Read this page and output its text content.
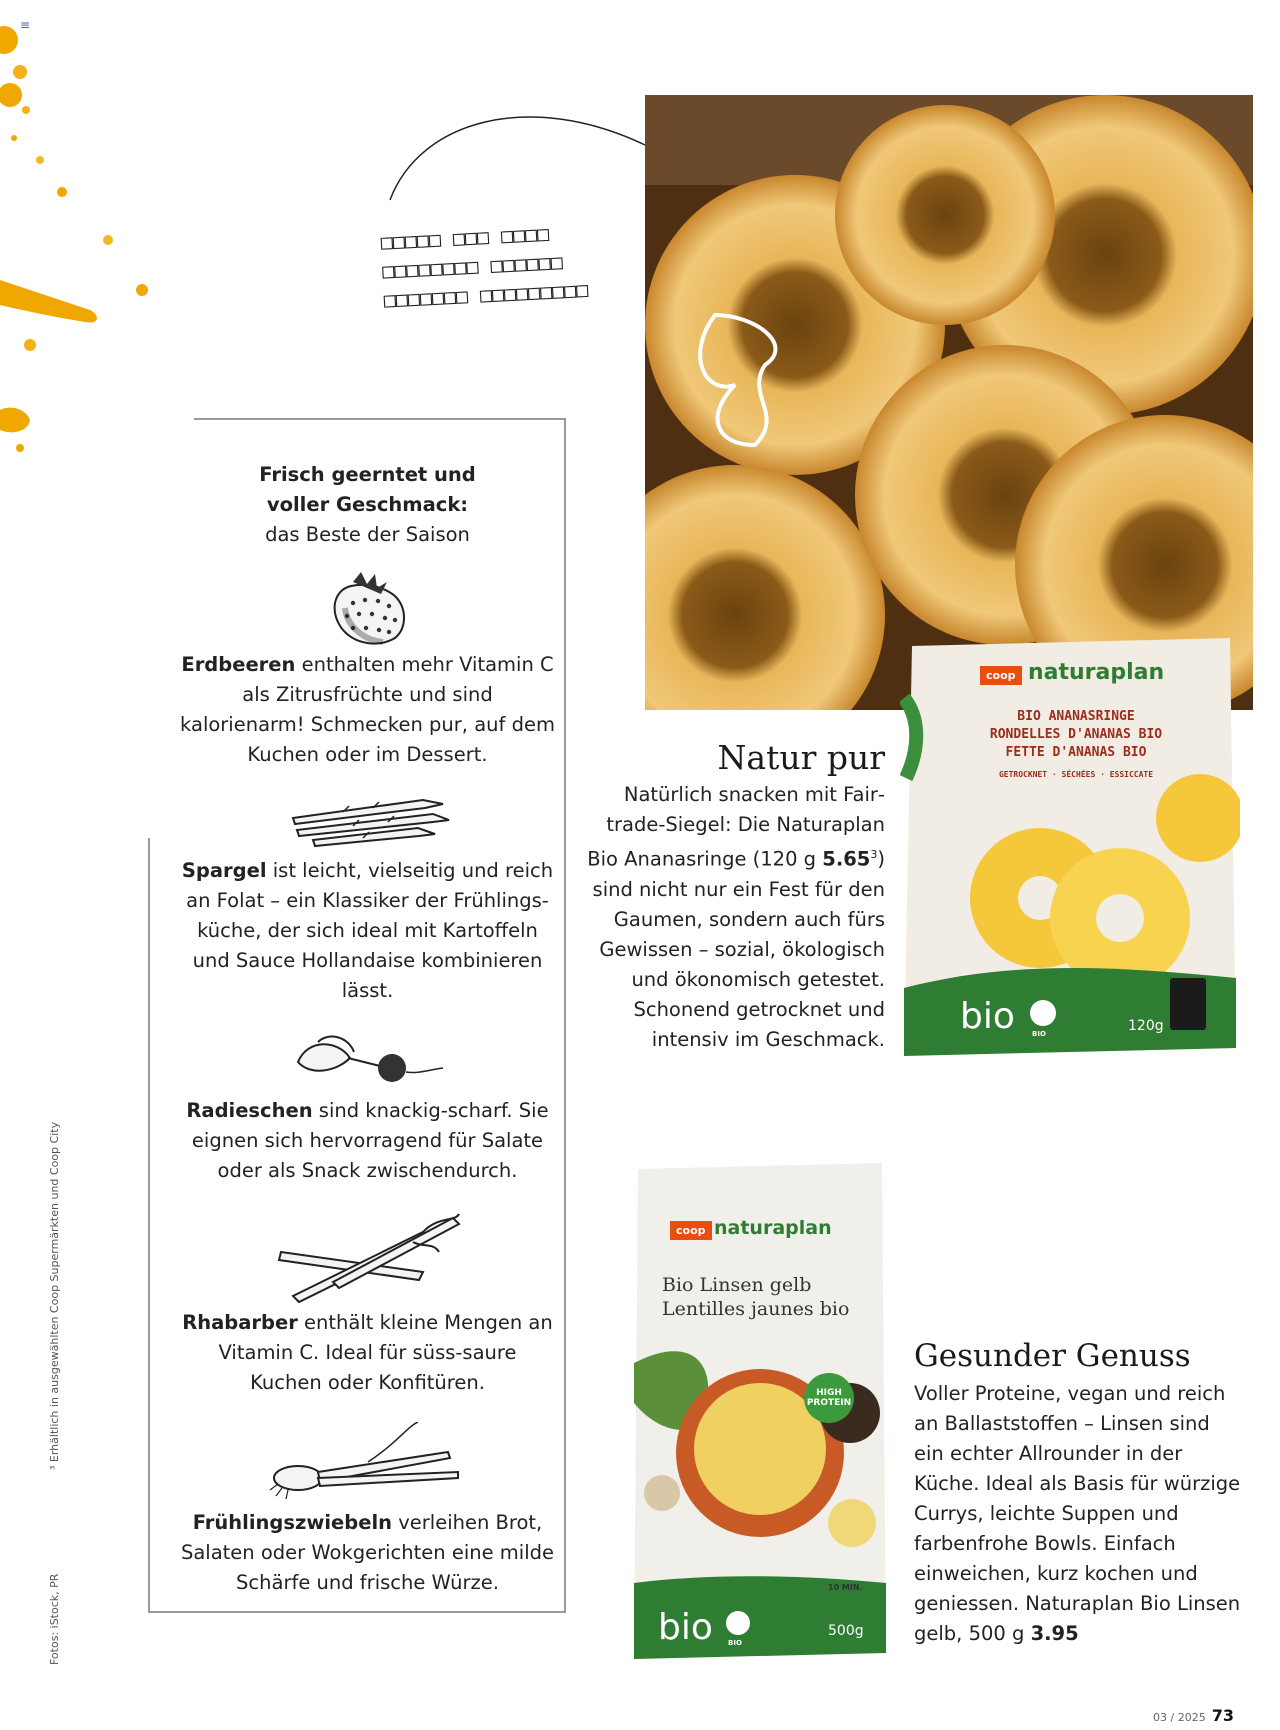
≡
□□□□□ □□□ □□□□
□□□□□□□□ □□□□□□
□□□□□□□ □□□□□□□□□
Frisch geerntet und
voller Geschmack:
das Beste der Saison
Erdbeeren enthalten mehr Vitamin C als Zitrusfrüchte und sind kalorienarm! Schmecken pur, auf dem Kuchen oder im Dessert.
Spargel ist leicht, vielseitig und reich an Folat – ein Klassiker der Frühlingsküche, der sich ideal mit Kartoffeln und Sauce Hollandaise kombinieren lässt.
Radieschen sind knackig-scharf. Sie eignen sich hervorragend für Salate oder als Snack zwischendurch.
Rhabarber enthält kleine Mengen an Vitamin C. Ideal für süss-saure Kuchen oder Konfitüren.
Frühlingszwiebeln verleihen Brot, Salaten oder Wokgerichten eine milde Schärfe und frische Würze.
Natur pur
Natürlich snacken mit Fairtrade-Siegel: Die Naturaplan Bio Ananasringe (120 g 5.65$^3$) sind nicht nur ein Fest für den Gaumen, sondern auch fürs Gewissen – sozial, ökologisch und ökonomisch getestet. Schonend getrocknet und intensiv im Geschmack.
coop naturaplan
BIO ANANASRINGE
RONDELLES D'ANANAS BIO
FETTE D'ANANAS BIO
GETROCKNET · SÉCHÉES · ESSICCATE
bio BIO	120g
coop naturaplan
Bio Linsen gelb
Lentilles jaunes bio
HIGH PROTEIN
10 MIN.
bio BIO
500g
Gesunder Genuss
Voller Proteine, vegan und reich an Ballaststoffen – Linsen sind ein echter Allrounder in der Küche. Ideal als Basis für würzige Currys, leichte Suppen und farbenfrohe Bowls. Einfach einweichen, kurz kochen und geniessen. Naturaplan Bio Linsen gelb, 500 g 3.95
³ Erhältlich in ausgewählten Coop Supermärkten und Coop City
Fotos: iStock, PR
03 / 2025 73
